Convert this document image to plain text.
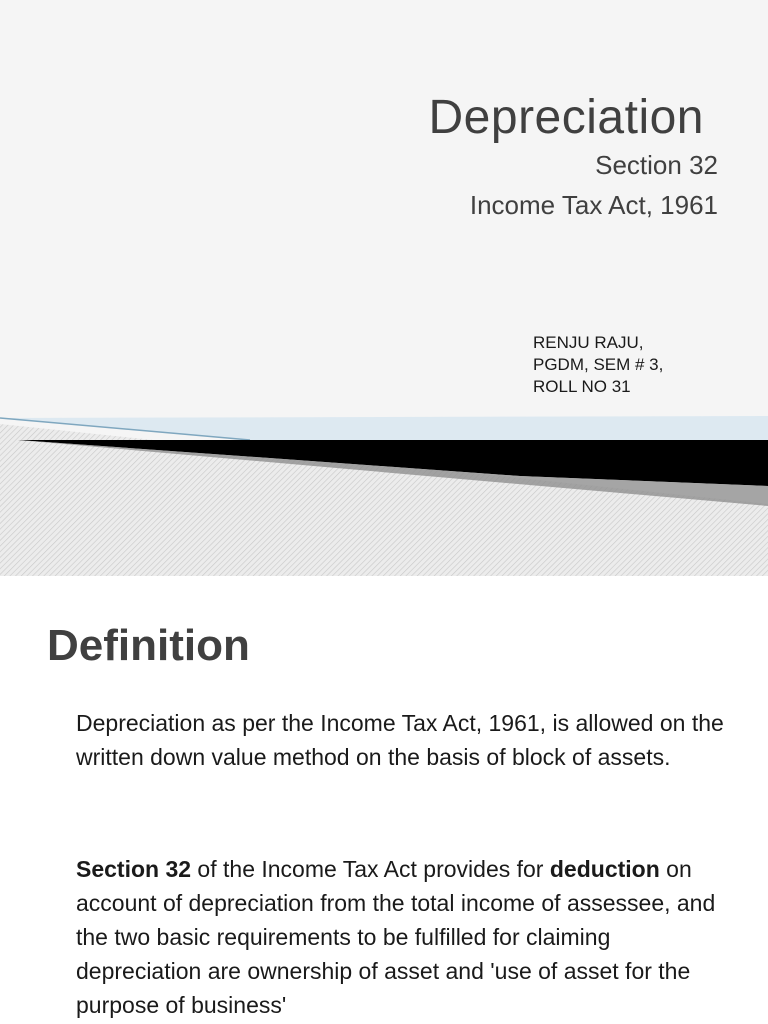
Depreciation
Section 32
Income Tax Act, 1961
RENJU RAJU,
PGDM, SEM # 3,
ROLL NO 31
Definition

Depreciation as per the Income Tax Act, 1961, is allowed on the written down value method on the basis of block of assets.

Section 32 of the Income Tax Act provides for deduction on account of depreciation from the total income of assessee, and the two basic requirements to be fulfilled for claiming depreciation are ownership of asset and 'use of asset for the purpose of business'
